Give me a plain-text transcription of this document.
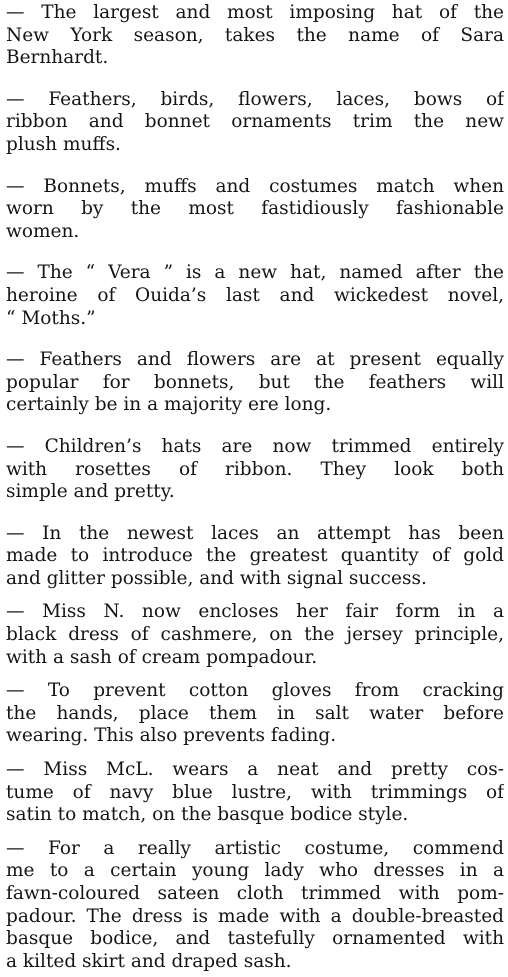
— The largest and most imposing hat of the
New York season, takes the name of Sara
Bernhardt.

— Feathers, birds, flowers, laces, bows of
ribbon and bonnet ornaments trim the new
plush muffs.

— Bonnets, muffs and costumes match when
worn by the most fastidiously fashionable
women.

— The “ Vera ” is a new hat, named after the
heroine of Ouida’s last and wickedest novel,
“ Moths.”

— Feathers and flowers are at present equally
popular for bonnets, but the feathers will
certainly be in a majority ere long.

— Children’s hats are now trimmed entirely
with rosettes of ribbon. They look both
simple and pretty.

— In the newest laces an attempt has been
made to introduce the greatest quantity of gold
and glitter possible, and with signal success.

— Miss N. now encloses her fair form in a
black dress of cashmere, on the jersey principle,
with a sash of cream pompadour.

— To prevent cotton gloves from cracking
the hands, place them in salt water before
wearing. This also prevents fading.

— Miss McL. wears a neat and pretty cos-
tume of navy blue lustre, with trimmings of
satin to match, on the basque bodice style.

— For a really artistic costume, commend
me to a certain young lady who dresses in a
fawn-coloured sateen cloth trimmed with pom-
padour. The dress is made with a double-breasted
basque bodice, and tastefully ornamented with
a kilted skirt and draped sash.
